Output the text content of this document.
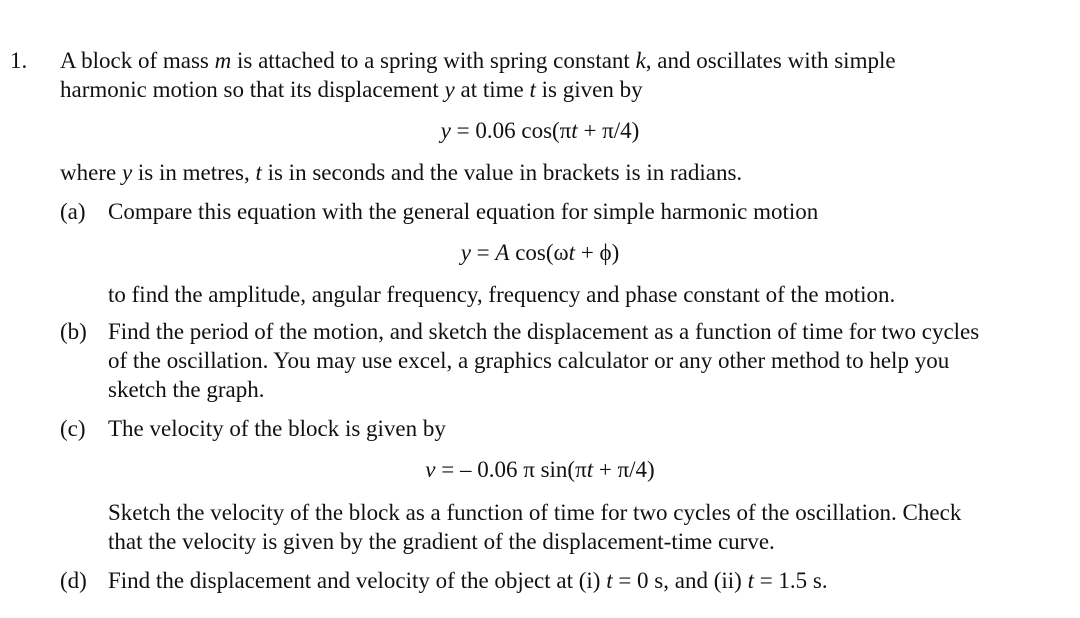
1. A block of mass m is attached to a spring with spring constant k, and oscillates with simple
harmonic motion so that its displacement y at time t is given by
y = 0.06 cos(πt + π/4)
where y is in metres, t is in seconds and the value in brackets is in radians.
(a) Compare this equation with the general equation for simple harmonic motion
y = A cos(ωt + ϕ)
to find the amplitude, angular frequency, frequency and phase constant of the motion.
(b) Find the period of the motion, and sketch the displacement as a function of time for two cycles
of the oscillation. You may use excel, a graphics calculator or any other method to help you
sketch the graph.
(c) The velocity of the block is given by
v = – 0.06 π sin(πt + π/4)
Sketch the velocity of the block as a function of time for two cycles of the oscillation. Check
that the velocity is given by the gradient of the displacement-time curve.
(d) Find the displacement and velocity of the object at (i) t = 0 s, and (ii) t = 1.5 s.
